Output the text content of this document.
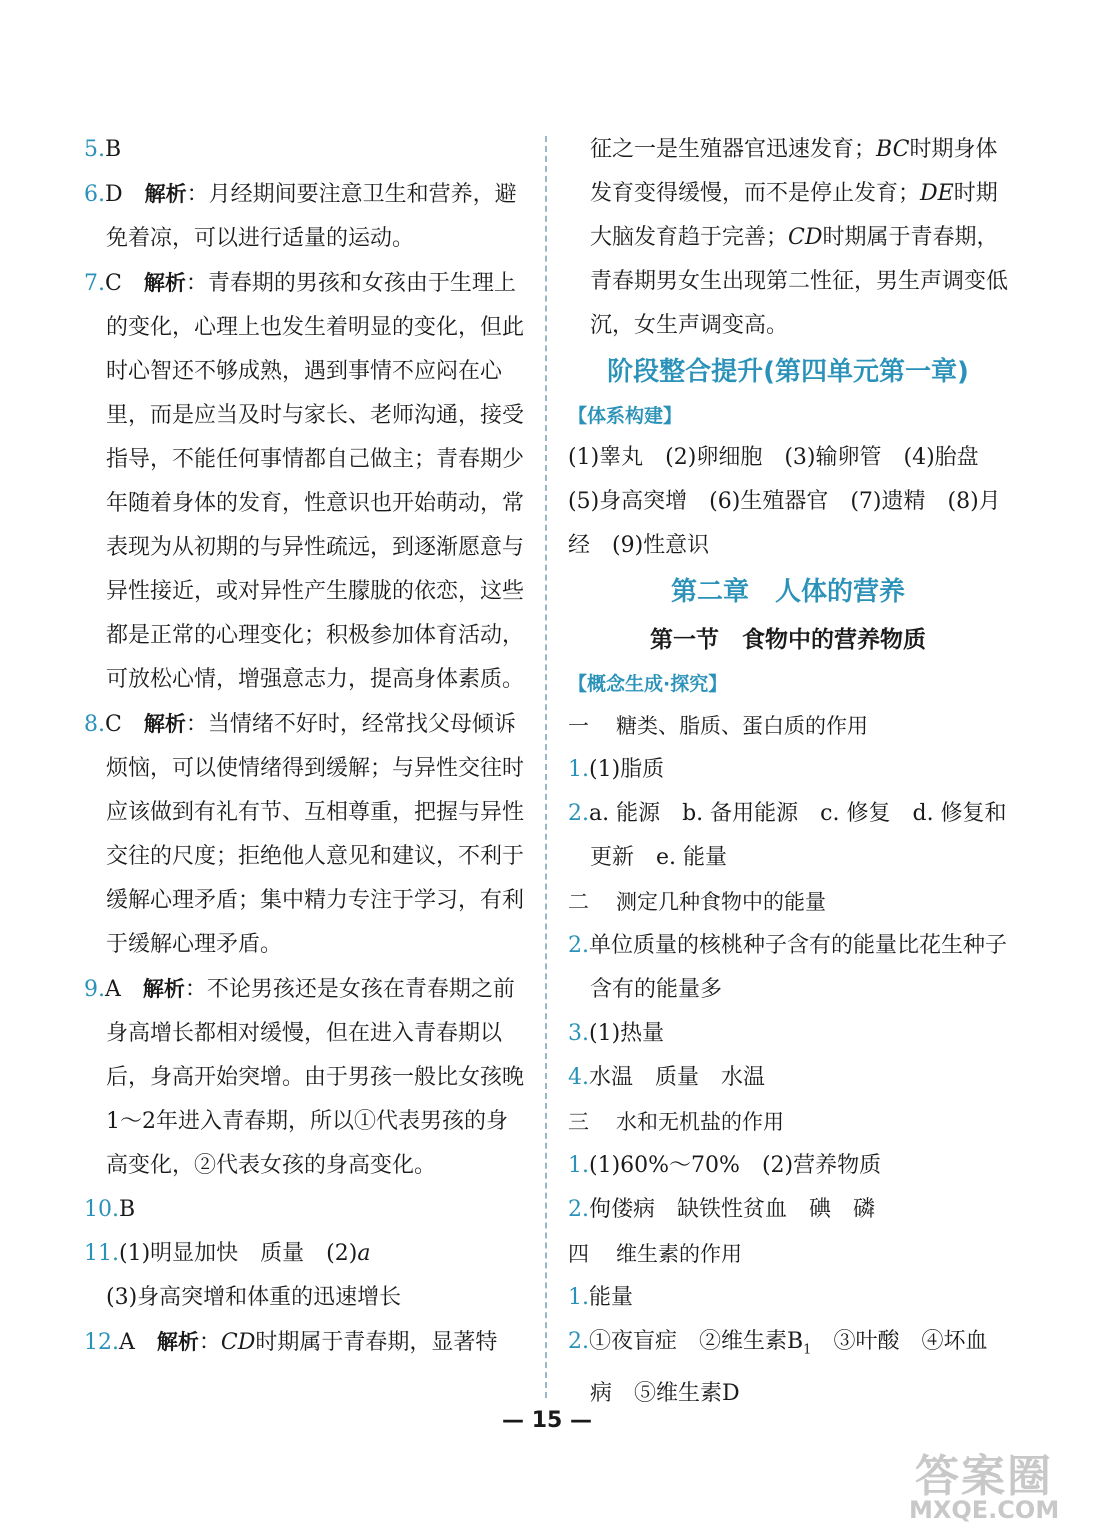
5.B

6.D　 解析：月经期间要注意卫生和营养，避免着凉，可以进行适量的运动。

7.C　 解析：青春期的男孩和女孩由于生理上的变化，心理上也发生着明显的变化，但此时心智还不够成熟，遇到事情不应闷在心里，而是应当及时与家长、老师沟通，接受指导，不能任何事情都自己做主；青春期少年随着身体的发育，性意识也开始萌动，常表现为从初期的与异性疏远，到逐渐愿意与异性接近，或对异性产生朦胧的依恋，这些都是正常的心理变化；积极参加体育活动，可放松心情，增强意志力，提高身体素质。

8.C　 解析：当情绪不好时，经常找父母倾诉烦恼，可以使情绪得到缓解；与异性交往时应该做到有礼有节、互相尊重，把握与异性交往的尺度；拒绝他人意见和建议，不利于缓解心理矛盾；集中精力专注于学习，有利于缓解心理矛盾。

9.A　 解析：不论男孩还是女孩在青春期之前身高增长都相对缓慢，但在进入青春期以后，身高开始突增。由于男孩一般比女孩晚1～2年进入青春期，所以①代表男孩的身高变化，②代表女孩的身高变化。

10.B

11.(1)明显加快　质量　(2)a

(3)身高突增和体重的迅速增长

12.A　 解析：CD时期属于青春期，显著特

征之一是生殖器官迅速发育；BC时期身体发育变得缓慢，而不是停止发育；DE时期大脑发育趋于完善；CD时期属于青春期，青春期男女生出现第二性征，男生声调变低沉，女生声调变高。

阶段整合提升(第四单元第一章)

【体系构建】

(1)睾丸　(2)卵细胞　(3)输卵管　(4)胎盘　(5)身高突增　(6)生殖器官　(7)遗精　(8)月经　(9)性意识

第二章　人体的营养

第一节　食物中的营养物质

【概念生成·探究】

一 糖类、脂质、蛋白质的作用

1.(1)脂质

2.a. 能源　b. 备用能源　c. 修复　d. 修复和更新　e. 能量

二 测定几种食物中的能量

2.单位质量的核桃种子含有的能量比花生种子含有的能量多

3.(1)热量

4.水温　质量　水温

三 水和无机盐的作用

1.(1)60%～70%　(2)营养物质

2.佝偻病　缺铁性贫血　碘　磷

四 维生素的作用

1.能量

2.①夜盲症　②维生素$B_1$　③叶酸　④坏血病　⑤维生素D

— 15 —
答案圈
MXQE.COM
